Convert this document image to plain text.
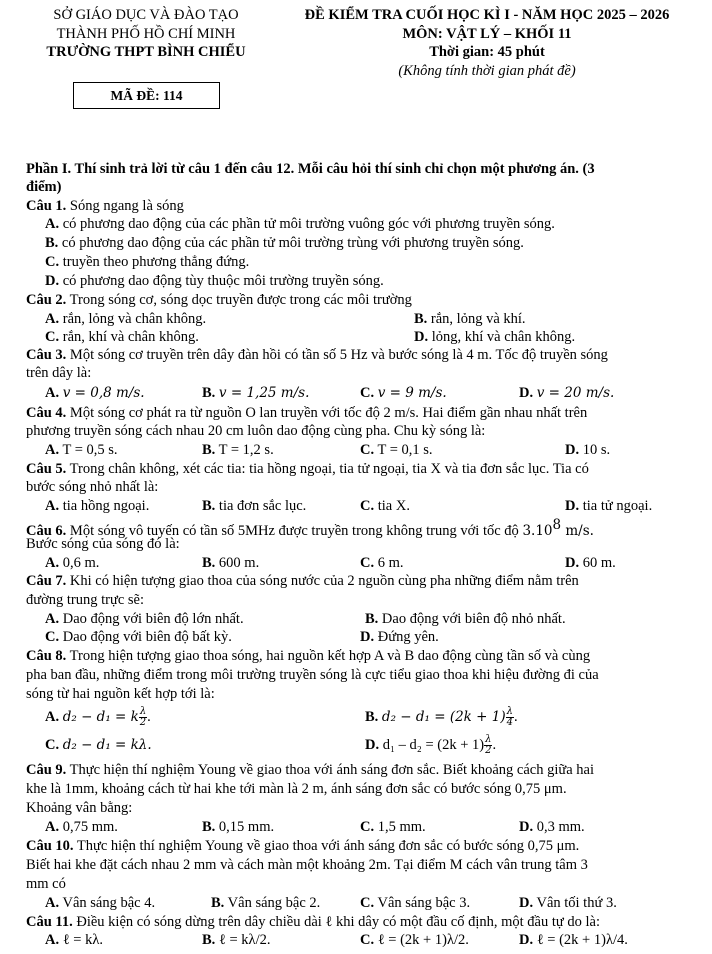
SỞ GIÁO DỤC VÀ ĐÀO TẠO
THÀNH PHỐ HỒ CHÍ MINH
TRƯỜNG THPT BÌNH CHIỂU
MÃ ĐỀ: 114
ĐỀ KIỂM TRA CUỐI HỌC KÌ I - NĂM HỌC 2025 – 2026
MÔN: VẬT LÝ – KHỐI 11
Thời gian: 45 phút
(Không tính thời gian phát đề)
Phần I. Thí sinh trả lời từ câu 1 đến câu 12. Mỗi câu hỏi thí sinh chỉ chọn một phương án. (3
điểm)
Câu 1. Sóng ngang là sóng
A. có phương dao động của các phần tử môi trường vuông góc với phương truyền sóng.
B. có phương dao động của các phần tử môi trường trùng với phương truyền sóng.
C. truyền theo phương thẳng đứng.
D. có phương dao động tùy thuộc môi trường truyền sóng.
Câu 2. Trong sóng cơ, sóng dọc truyền được trong các môi trường
A. rắn, lỏng và chân không.	B. rắn, lỏng và khí.
C. rắn, khí và chân không.	D. lỏng, khí và chân không.
Câu 3. Một sóng cơ truyền trên dây đàn hồi có tần số 5 Hz và bước sóng là 4 m. Tốc độ truyền sóng
trên dây là:
A. v = 0,8 m/s.	B. v = 1,25 m/s.	C. v = 9 m/s.	D. v = 20 m/s.
Câu 4. Một sóng cơ phát ra từ nguồn O lan truyền với tốc độ 2 m/s. Hai điểm gần nhau nhất trên
phương truyền sóng cách nhau 20 cm luôn dao động cùng pha. Chu kỳ sóng là:
A. T = 0,5 s.	B. T = 1,2 s.	C. T = 0,1 s.	D. 10 s.
Câu 5. Trong chân không, xét các tia: tia hồng ngoại, tia tử ngoại, tia X và tia đơn sắc lục. Tia có
bước sóng nhỏ nhất là:
A. tia hồng ngoại.	B. tia đơn sắc lục.	C. tia X.	D. tia tử ngoại.
Câu 6. Một sóng vô tuyến có tần số 5MHz được truyền trong không trung với tốc độ 3.10$^8$ m/s.
Bước sóng của sóng đó là:
A. 0,6 m.	B. 600 m.	C. 6 m.	D. 60 m.
Câu 7. Khi có hiện tượng giao thoa của sóng nước của 2 nguồn cùng pha những điểm nằm trên
đường trung trực sẽ:
A. Dao động với biên độ lớn nhất.	B. Dao động với biên độ nhỏ nhất.
C. Dao động với biên độ bất kỳ.	D. Đứng yên.
Câu 8. Trong hiện tượng giao thoa sóng, hai nguồn kết hợp A và B dao động cùng tần số và cùng
pha ban đầu, những điểm trong môi trường truyền sóng là cực tiểu giao thoa khi hiệu đường đi của
sóng từ hai nguồn kết hợp tới là:
A. d₂ − d₁ = k $\frac{\lambda}{2}$ .	B. $d_2 - d_1 = (2k + 1) \frac{\lambda}{4}$ .
C. d₂ − d₁ = kλ.	D. $d_1 - d_2 = (2k + 1) \frac{\lambda}{2}$ .
Câu 9. Thực hiện thí nghiệm Young về giao thoa với ánh sáng đơn sắc. Biết khoảng cách giữa hai
khe là 1mm, khoảng cách từ hai khe tới màn là 2 m, ánh sáng đơn sắc có bước sóng 0,75 μm.
Khoảng vân bằng:
A. 0,75 mm.	B. 0,15 mm.	C. 1,5 mm.	D. 0,3 mm.
Câu 10. Thực hiện thí nghiệm Young về giao thoa với ánh sáng đơn sắc có bước sóng 0,75 μm.
Biết hai khe đặt cách nhau 2 mm và cách màn một khoảng 2m. Tại điểm M cách vân trung tâm 3
mm có
A. Vân sáng bậc 4.	B. Vân sáng bậc 2.	C. Vân sáng bậc 3.	D. Vân tối thứ 3.
Câu 11. Điều kiện có sóng dừng trên dây chiều dài ℓ khi dây có một đầu cố định, một đầu tự do là:
A. ℓ = kλ.	B. ℓ = kλ/2.	C. ℓ = (2k + 1)λ/2.	D. ℓ = (2k + 1)λ/4.
